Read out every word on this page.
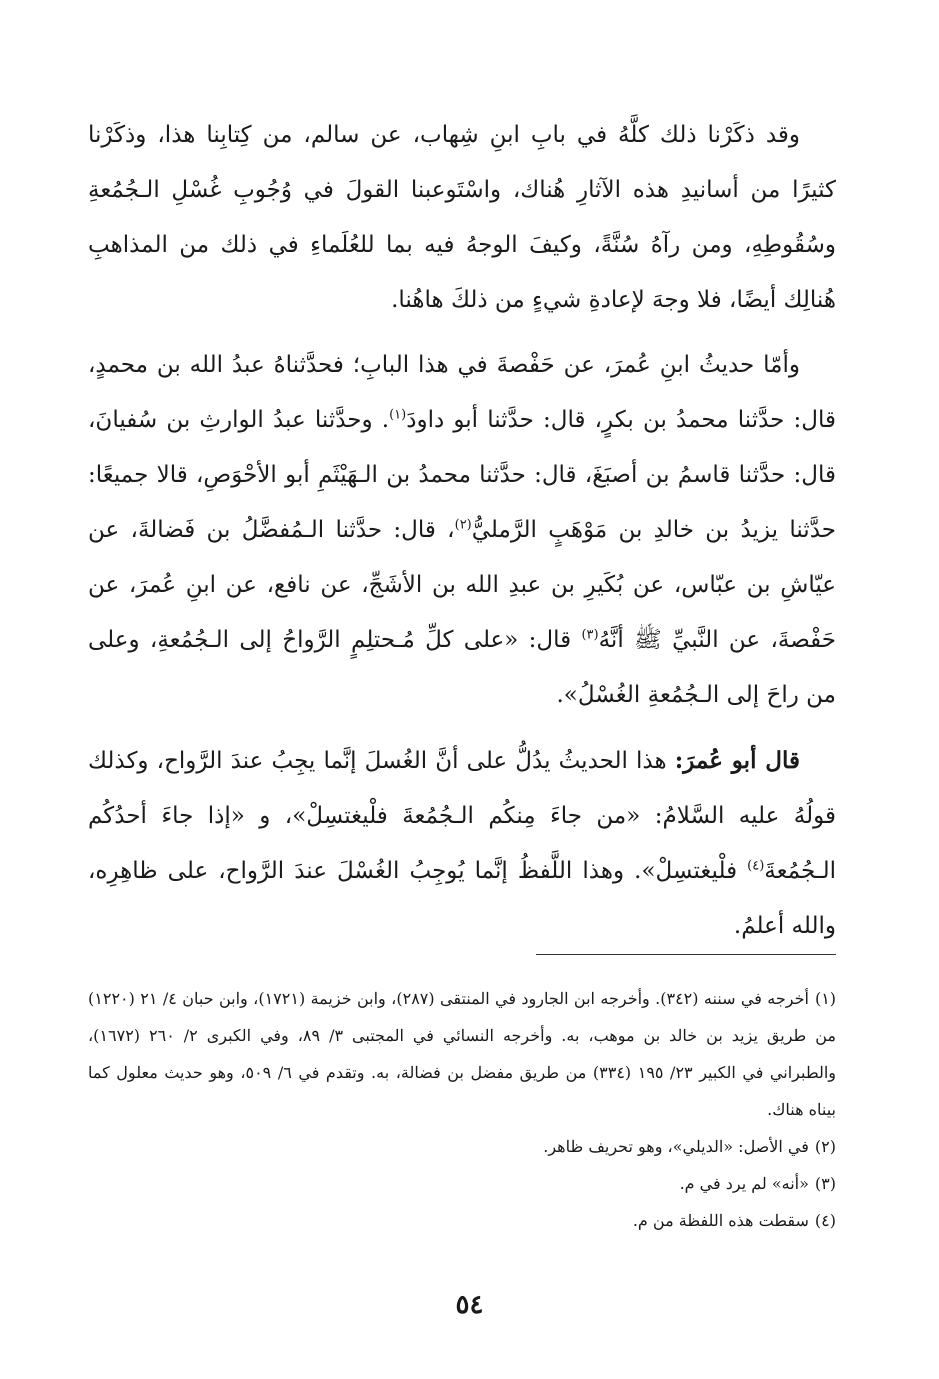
وقد ذكَرْنا ذلك كلَّهُ في بابِ ابنِ شِهاب، عن سالم، من كِتابِنا هذا، وذكَرْنا كثيرًا من أسانيدِ هذه الآثارِ هُناك، واسْتَوعبنا القولَ في وُجُوبِ غُسْلِ الـجُمُعةِ وسُقُوطِهِ، ومن رآهُ سُنَّةً، وكيفَ الوجهُ فيه بما للعُلَماءِ في ذلك من المذاهبِ هُنالِك أيضًا، فلا وجهَ لإعادةِ شيءٍ من ذلكَ هاهُنا.

وأمّا حديثُ ابنِ عُمرَ، عن حَفْصةَ في هذا البابِ؛ فحدَّثناهُ عبدُ الله بن محمدٍ، قال: حدَّثنا محمدُ بن بكرٍ، قال: حدَّثنا أبو داودَ$^{(١)}$. وحدَّثنا عبدُ الوارثِ بن سُفيانَ، قال: حدَّثنا قاسمُ بن أصبَغَ، قال: حدَّثنا محمدُ بن الـهَيْثَمِ أبو الأحْوَصِ، قالا جميعًا: حدَّثنا يزيدُ بن خالدِ بن مَوْهَبٍ الرَّمليُّ$^{(٢)}$، قال: حدَّثنا الـمُفضَّلُ بن فَضالةَ، عن عيّاشِ بن عبّاس، عن بُكَيرِ بن عبدِ الله بن الأشَجِّ، عن نافع، عن ابنِ عُمرَ، عن حَفْصةَ، عن النَّبيِّ ﷺ أنَّهُ$^{(٣)}$ قال: «على كلِّ مُـحتلِمٍ الرَّواحُ إلى الـجُمُعةِ، وعلى من راحَ إلى الـجُمُعةِ الغُسْلُ».

قال أبو عُمرَ: هذا الحديثُ يدُلُّ على أنَّ الغُسلَ إنَّما يجِبُ عندَ الرَّواح، وكذلك قولُهُ عليه السَّلامُ: «من جاءَ مِنكُم الـجُمُعةَ فلْيغتسِلْ»، و «إذا جاءَ أحدُكُم الـجُمُعةَ$^{(٤)}$ فلْيغتسِلْ». وهذا اللَّفظُ إنَّما يُوجِبُ الغُسْلَ عندَ الرَّواح، على ظاهِرِه، والله أعلمُ.

(١)أخرجه في سننه (٣٤٢). وأخرجه ابن الجارود في المنتقى (٢٨٧)، وابن خزيمة (١٧٢١)، وابن حبان ٤/ ٢١ (١٢٢٠) من طريق يزيد بن خالد بن موهب، به. وأخرجه النسائي في المجتبى ٣/ ٨٩، وفي الكبرى ٢/ ٢٦٠ (١٦٧٢)، والطبراني في الكبير ٢٣/ ١٩٥ (٣٣٤) من طريق مفضل بن فضالة، به. وتقدم في ٦/ ٥٠٩، وهو حديث معلول كما بيناه هناك.

(٢)في الأصل: «الديلي»، وهو تحريف ظاهر.

(٣)«أنه» لم يرد في م.

(٤)سقطت هذه اللفظة من م.

٥٤
